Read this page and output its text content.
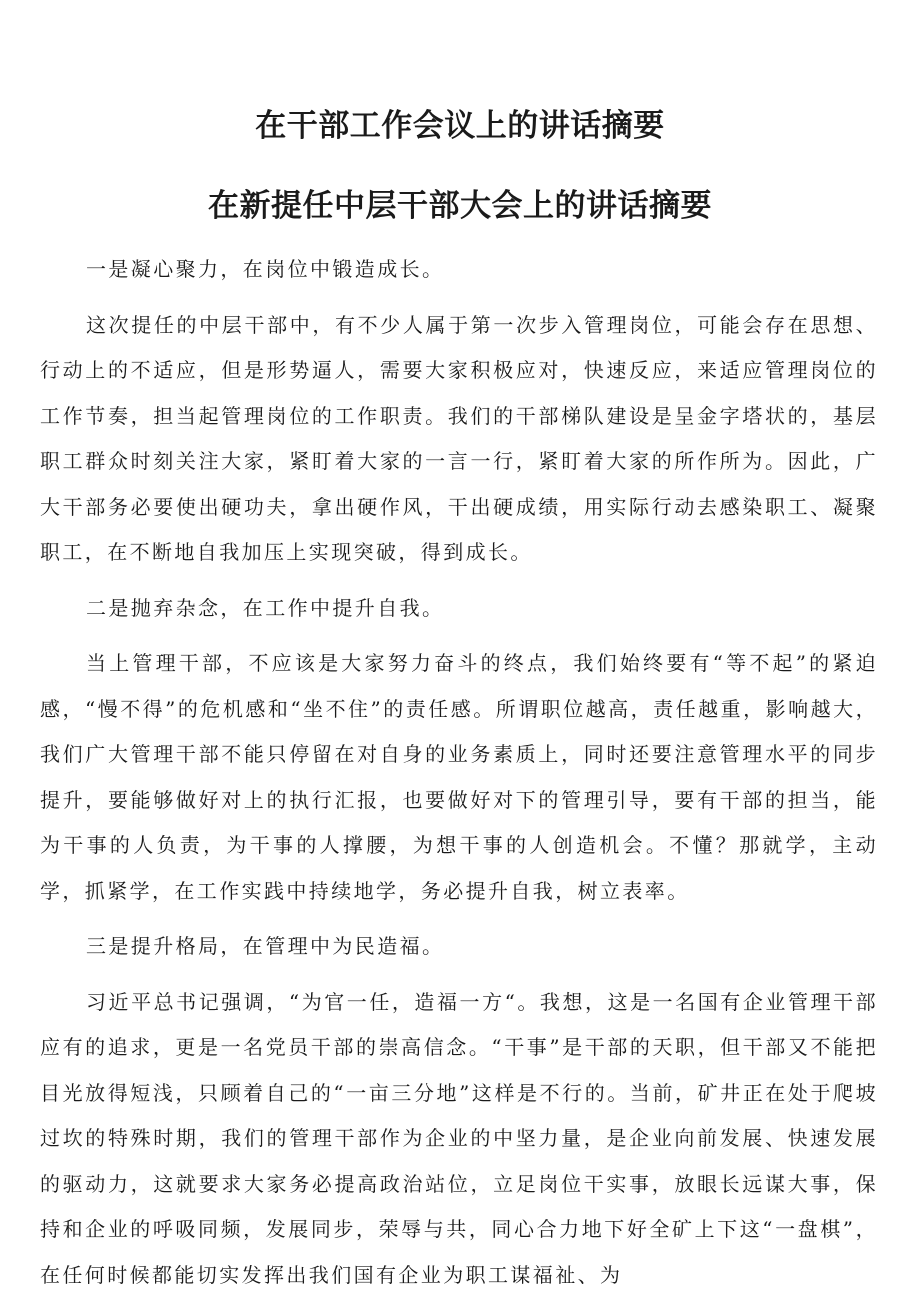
在干部工作会议上的讲话摘要
在新提任中层干部大会上的讲话摘要

一是凝心聚力，在岗位中锻造成长。

这次提任的中层干部中，有不少人属于第一次步入管理岗位，可能会存在思想、行动上的不适应，但是形势逼人，需要大家积极应对，快速反应，来适应管理岗位的工作节奏，担当起管理岗位的工作职责。我们的干部梯队建设是呈金字塔状的，基层职工群众时刻关注大家，紧盯着大家的一言一行，紧盯着大家的所作所为。因此，广大干部务必要使出硬功夫，拿出硬作风，干出硬成绩，用实际行动去感染职工、凝聚职工，在不断地自我加压上实现突破，得到成长。

二是抛弃杂念，在工作中提升自我。

当上管理干部，不应该是大家努力奋斗的终点，我们始终要有“等不起”的紧迫感，“慢不得”的危机感和“坐不住”的责任感。所谓职位越高，责任越重，影响越大，我们广大管理干部不能只停留在对自身的业务素质上，同时还要注意管理水平的同步提升，要能够做好对上的执行汇报，也要做好对下的管理引导，要有干部的担当，能为干事的人负责，为干事的人撑腰，为想干事的人创造机会。不懂？那就学，主动学，抓紧学，在工作实践中持续地学，务必提升自我，树立表率。

三是提升格局，在管理中为民造福。

习近平总书记强调，“为官一任，造福一方“。我想，这是一名国有企业管理干部应有的追求，更是一名党员干部的崇高信念。“干事”是干部的天职，但干部又不能把目光放得短浅，只顾着自己的“一亩三分地”这样是不行的。当前，矿井正在处于爬坡过坎的特殊时期，我们的管理干部作为企业的中坚力量，是企业向前发展、快速发展的驱动力，这就要求大家务必提高政治站位，立足岗位干实事，放眼长远谋大事，保持和企业的呼吸同频，发展同步，荣辱与共，同心合力地下好全矿上下这“一盘棋”，在任何时候都能切实发挥出我们国有企业为职工谋福祉、为
